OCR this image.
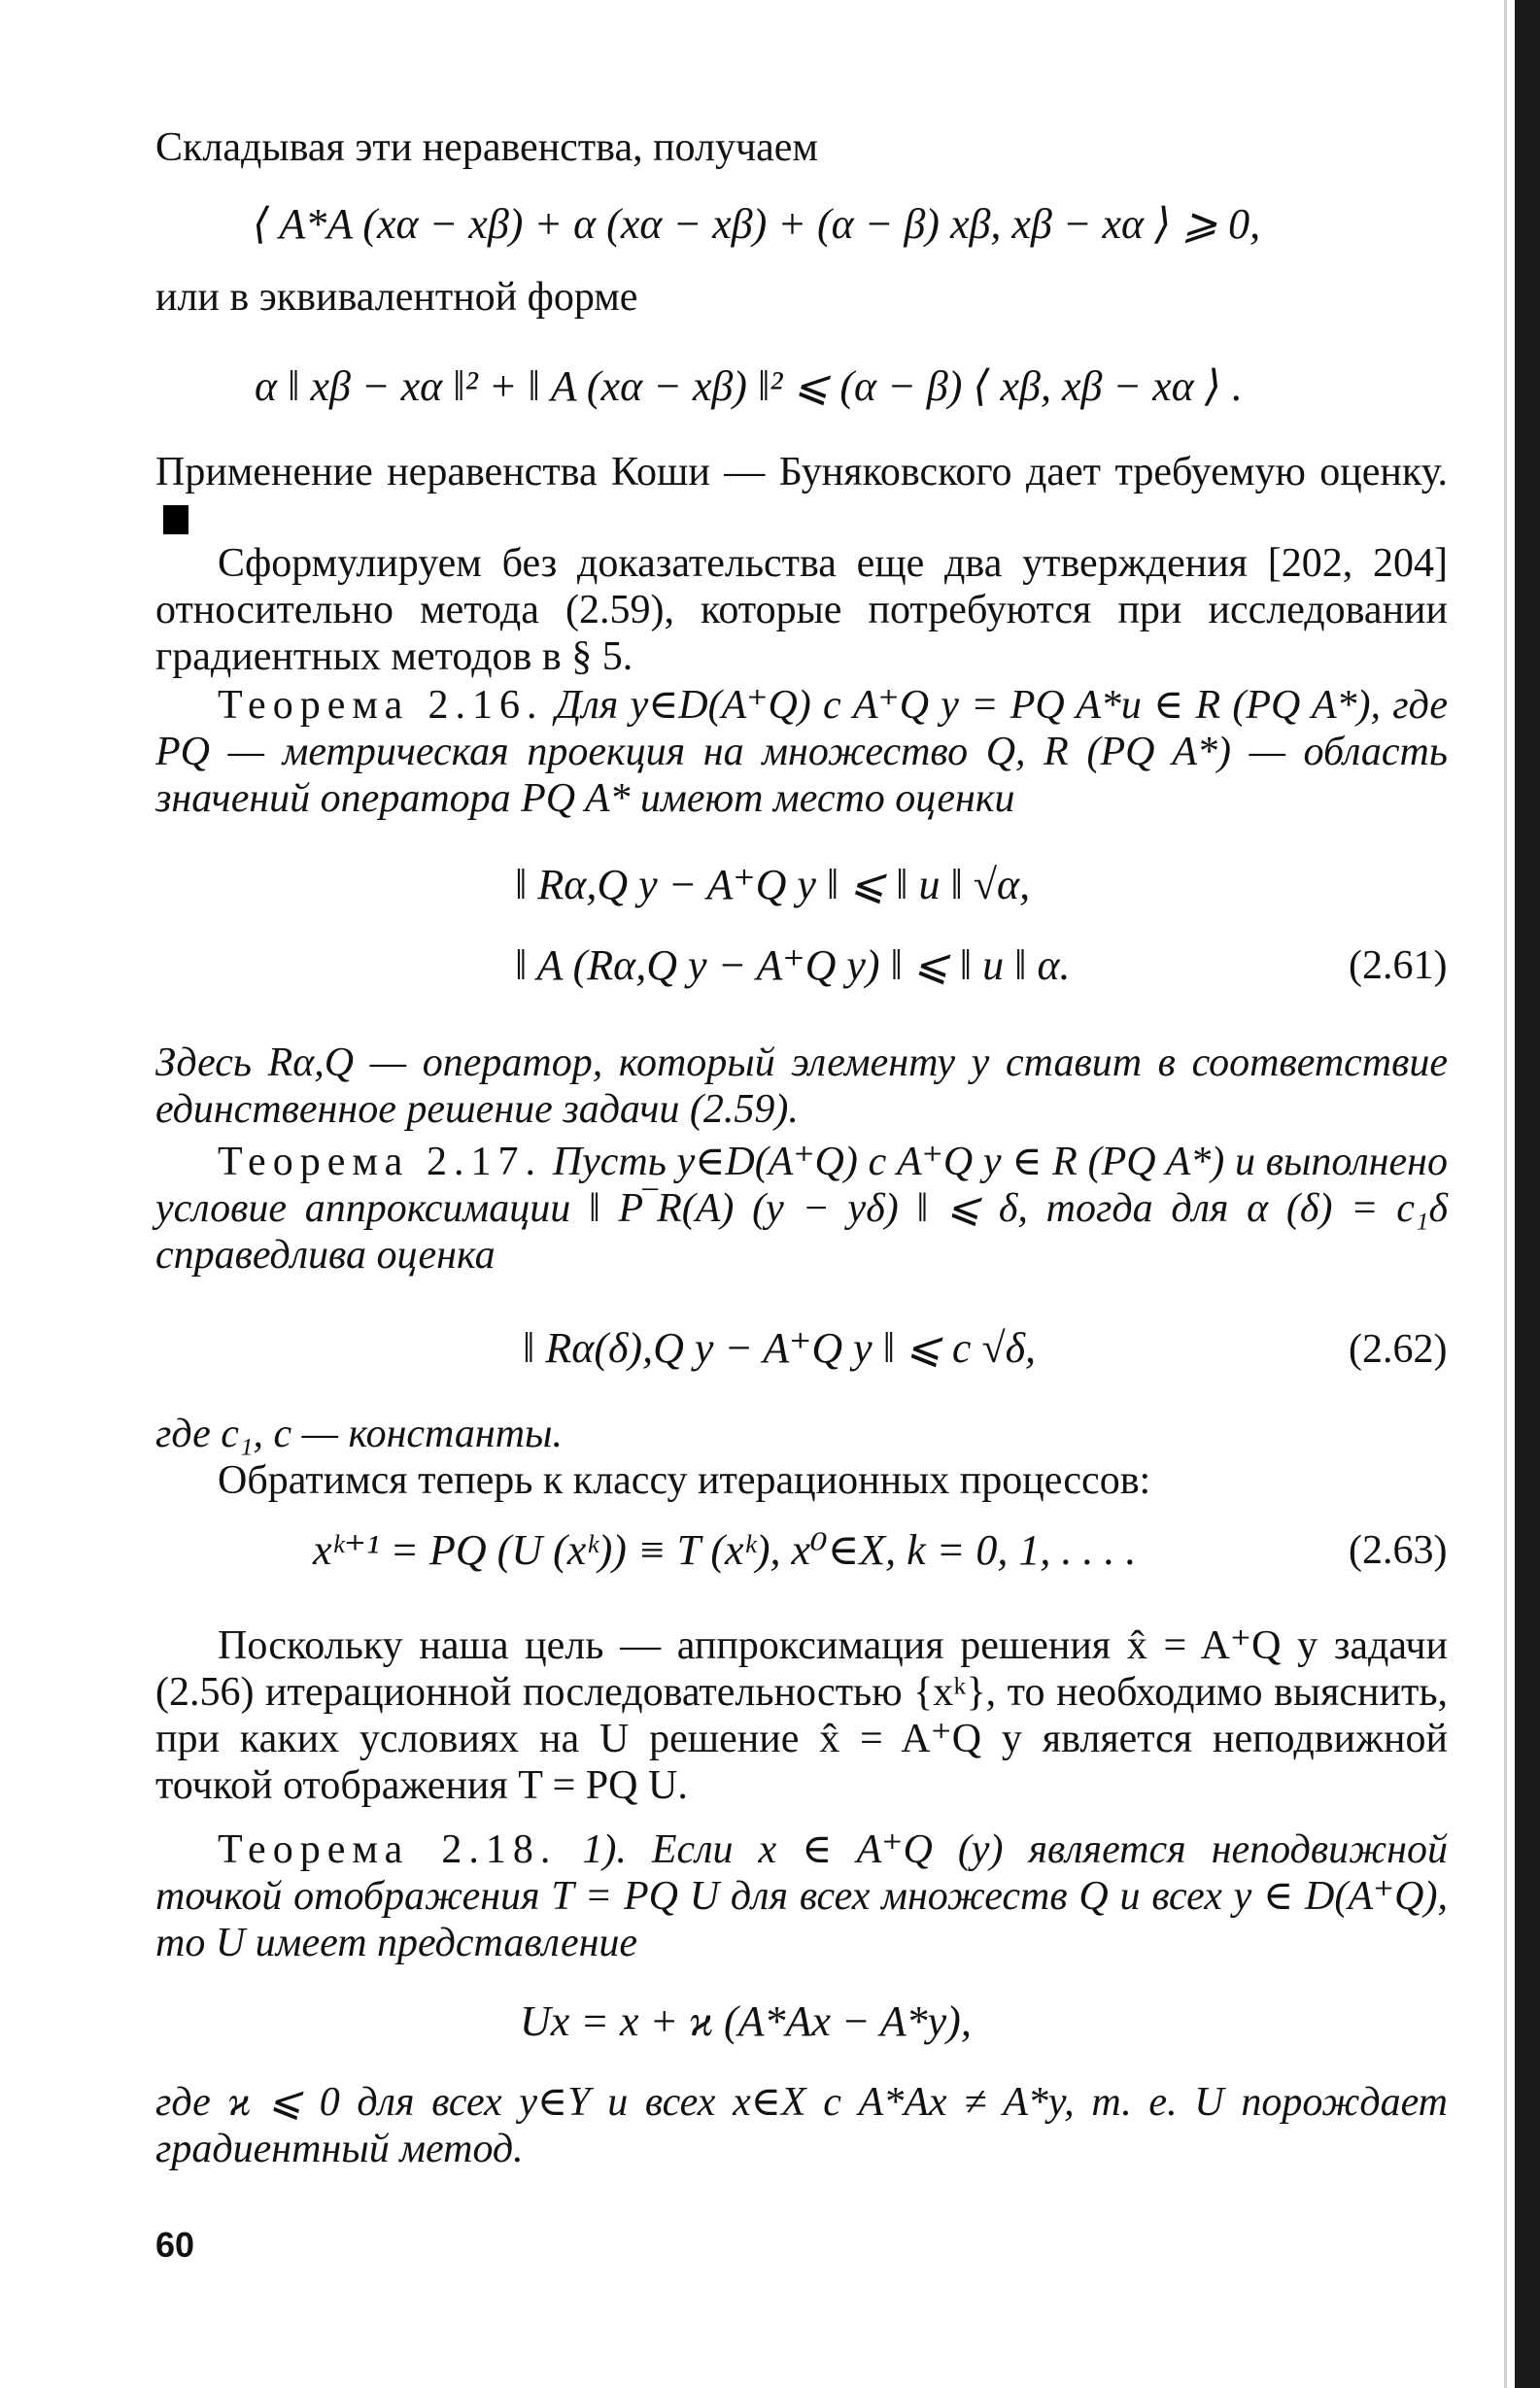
Складывая эти неравенства, получаем
⟨ A*A (xα − xβ) + α (xα − xβ) + (α − β) xβ, xβ − xα ⟩ ⩾ 0,
или в эквивалентной форме
α ‖ xβ − xα ‖² + ‖ A (xα − xβ) ‖² ⩽ (α − β) ⟨ xβ, xβ − xα ⟩ .
Применение неравенства Коши — Буняковского дает требуемую оценку.
Сформулируем без доказательства еще два утверждения [202, 204] относительно метода (2.59), которые потребуются при исследовании градиентных методов в § 5.
Теорема 2.16. Для y∈D(A⁺Q) с A⁺Q y = PQ A*u ∈ R (PQ A*), где PQ — метрическая проекция на множество Q, R (PQ A*) — область значений оператора PQ A* имеют место оценки
‖ Rα,Q y − A⁺Q y ‖ ⩽ ‖ u ‖ √α,
‖ A (Rα,Q y − A⁺Q y) ‖ ⩽ ‖ u ‖ α.	(2.61)
Здесь Rα,Q — оператор, который элементу y ставит в соответствие единственное решение задачи (2.59).
Теорема 2.17. Пусть y∈D(A⁺Q) с A⁺Q y ∈ R (PQ A*) и выполнено условие аппроксимации ‖ P‾R(A) (y − yδ) ‖ ⩽ δ, тогда для α (δ) = c₁δ справедлива оценка
‖ Rα(δ),Q y − A⁺Q y ‖ ⩽ c √δ,	(2.62)
где c₁, c — константы.
Обратимся теперь к классу итерационных процессов:
xᵏ⁺¹ = PQ (U (xᵏ)) ≡ T (xᵏ), x⁰∈X, k = 0, 1, . . . .	(2.63)
Поскольку наша цель — аппроксимация решения x̂ = A⁺Q y задачи (2.56) итерационной последовательностью {xᵏ}, то необходимо выяснить, при каких условиях на U решение x̂ = A⁺Q y является неподвижной точкой отображения T = PQ U.
Теорема 2.18. 1). Если x ∈ A⁺Q (y) является неподвижной точкой отображения T = PQ U для всех множеств Q и всех y ∈ D(A⁺Q), то U имеет представление
Ux = x + ϰ (A*Ax − A*y),
где ϰ ⩽ 0 для всех y∈Y и всех x∈X с A*Ax ≠ A*y, т. е. U порождает градиентный метод.
60
